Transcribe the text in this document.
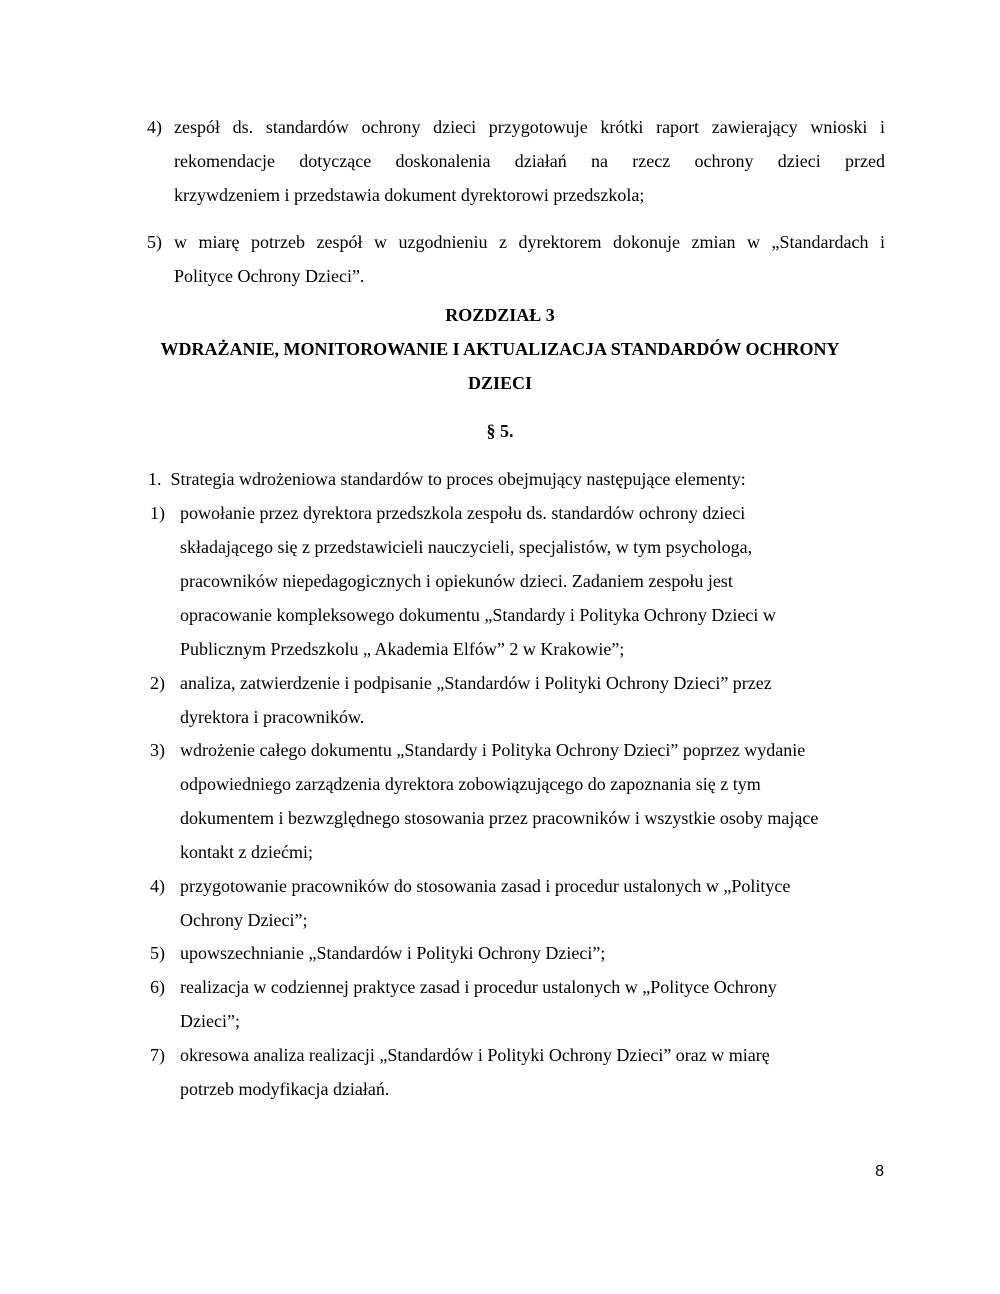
4) zespół ds. standardów ochrony dzieci przygotowuje krótki raport zawierający wnioski i
rekomendacje dotyczące doskonalenia działań na rzecz ochrony dzieci przed
krzywdzeniem i przedstawia dokument dyrektorowi przedszkola;
5) w miarę potrzeb zespół w uzgodnieniu z dyrektorem dokonuje zmian w „Standardach i
Polityce Ochrony Dzieci”.
ROZDZIAŁ 3
WDRAŻANIE, MONITOROWANIE I AKTUALIZACJA STANDARDÓW OCHRONY
DZIECI
§ 5.
1.  Strategia wdrożeniowa standardów to proces obejmujący następujące elementy:
1) powołanie przez dyrektora przedszkola zespołu ds. standardów ochrony dzieci
składającego się z przedstawicieli nauczycieli, specjalistów, w tym psychologa,
pracowników niepedagogicznych i opiekunów dzieci. Zadaniem zespołu jest
opracowanie kompleksowego dokumentu „Standardy i Polityka Ochrony Dzieci w
Publicznym Przedszkolu „ Akademia Elfów” 2 w Krakowie”;
2) analiza, zatwierdzenie i podpisanie „Standardów i Polityki Ochrony Dzieci” przez
dyrektora i pracowników.
3) wdrożenie całego dokumentu „Standardy i Polityka Ochrony Dzieci” poprzez wydanie
odpowiedniego zarządzenia dyrektora zobowiązującego do zapoznania się z tym
dokumentem i bezwzględnego stosowania przez pracowników i wszystkie osoby mające
kontakt z dziećmi;
4) przygotowanie pracowników do stosowania zasad i procedur ustalonych w „Polityce
Ochrony Dzieci”;
5) upowszechnianie „Standardów i Polityki Ochrony Dzieci”;
6) realizacja w codziennej praktyce zasad i procedur ustalonych w „Polityce Ochrony
Dzieci”;
7) okresowa analiza realizacji „Standardów i Polityki Ochrony Dzieci” oraz w miarę
potrzeb modyfikacja działań.
8
